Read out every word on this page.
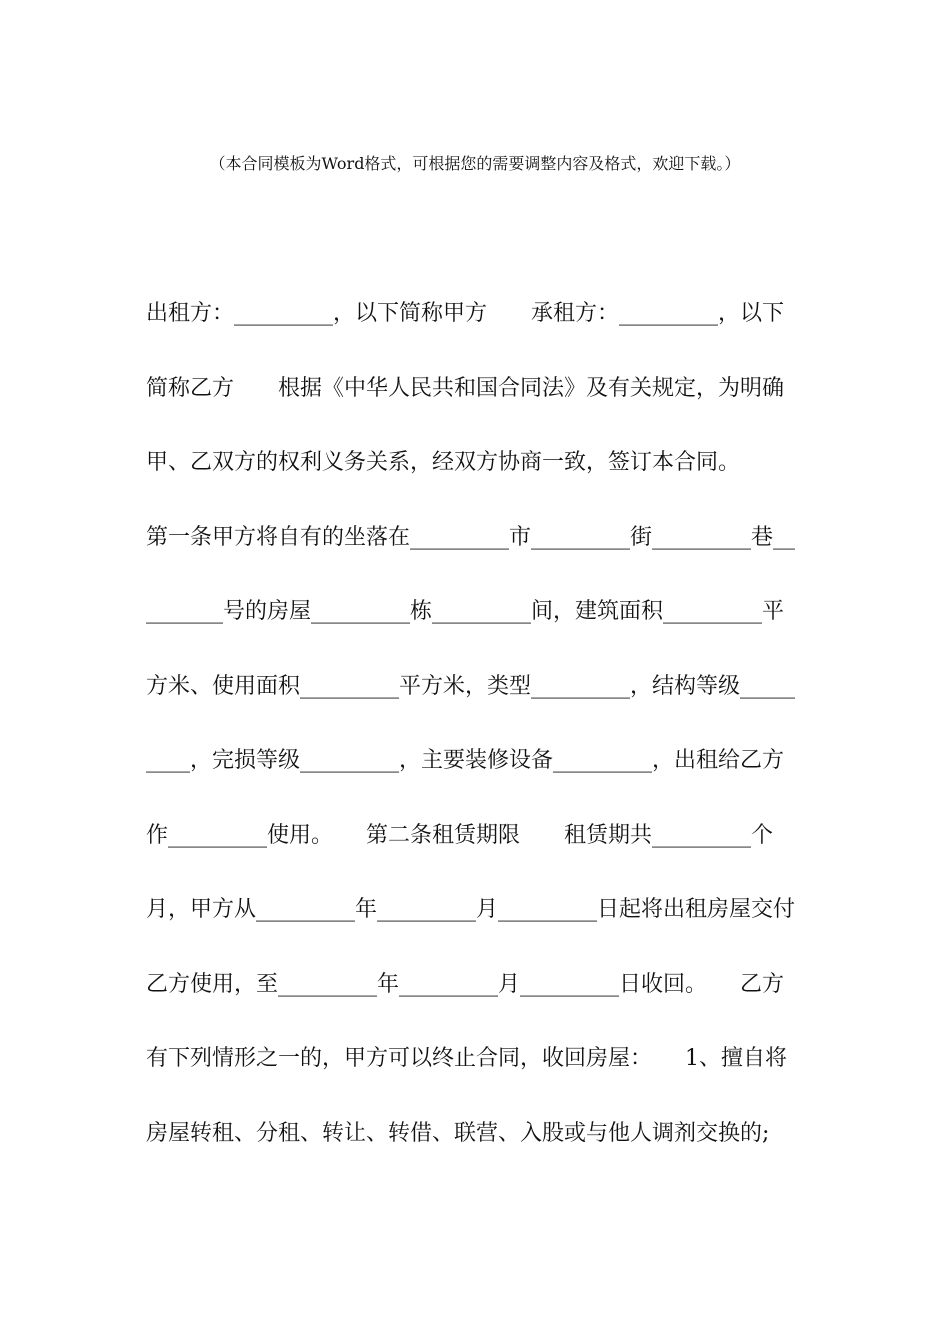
（本合同模板为Word格式，可根据您的需要调整内容及格式，欢迎下载。）
出租方：_________，以下简称甲方　　承租方：_________，以下
简称乙方　　根据《中华人民共和国合同法》及有关规定，为明确
甲、乙双方的权利义务关系，经双方协商一致，签订本合同。
第一条甲方将自有的坐落在_________市_________街_________巷__
_______号的房屋_________栋_________间，建筑面积_________平
方米、使用面积_________平方米，类型_________，结构等级_____
____，完损等级_________，主要装修设备_________，出租给乙方
作_________使用。　　第二条租赁期限　　租赁期共_________个
月，甲方从_________年_________月_________日起将出租房屋交付
乙方使用，至_________年_________月_________日收回。　　乙方
有下列情形之一的，甲方可以终止合同，收回房屋：　　1、擅自将
房屋转租、分租、转让、转借、联营、入股或与他人调剂交换的;
